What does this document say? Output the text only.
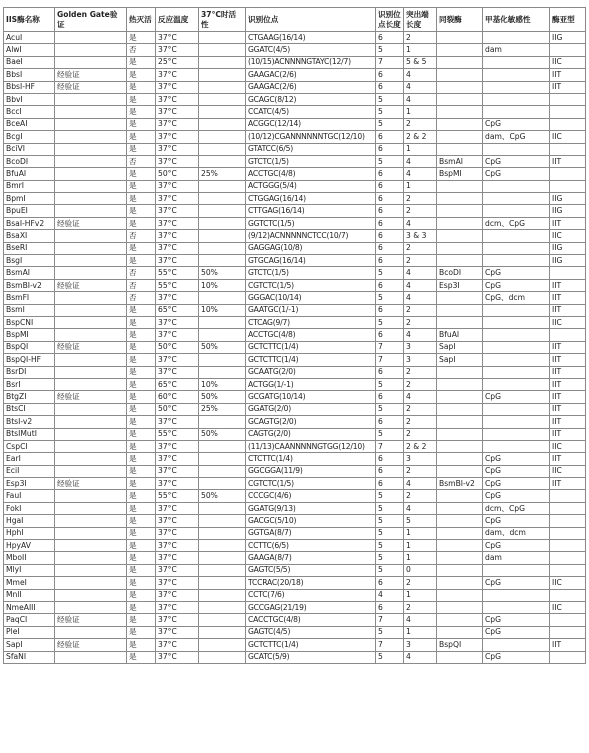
IIS酶名称	Golden Gate验证	热灭活	反应温度	37°C时活性	识别位点	识别位点长度	突出端长度	同裂酶	甲基化敏感性	酶亚型
AcuI		是	37°C		CTGAAG(16/14)	6	2			IIG
AlwI		否	37°C		GGATC(4/5)	5	1		dam	
BaeI		是	25°C		(10/15)ACNNNNGTAYC(12/7)	7	5 & 5			IIC
BbsI	经验证	是	37°C		GAAGAC(2/6)	6	4			IIT
BbsI-HF	经验证	是	37°C		GAAGAC(2/6)	6	4			IIT
BbvI		是	37°C		GCAGC(8/12)	5	4			
BccI		是	37°C		CCATC(4/5)	5	1			
BceAI		是	37°C		ACGGC(12/14)	5	2		CpG	
BcgI		是	37°C		(10/12)CGANNNNNNTGC(12/10)	6	2 & 2		dam、CpG	IIC
BciVI		是	37°C		GTATCC(6/5)	6	1			
BcoDI		否	37°C		GTCTC(1/5)	5	4	BsmAI	CpG	IIT
BfuAI		是	50°C	25%	ACCTGC(4/8)	6	4	BspMI	CpG	
BmrI		是	37°C		ACTGGG(5/4)	6	1			
BpmI		是	37°C		CTGGAG(16/14)	6	2			IIG
BpuEI		是	37°C		CTTGAG(16/14)	6	2			IIG
BsaI-HFv2	经验证	是	37°C		GGTCTC(1/5)	6	4		dcm、CpG	IIT
BsaXI		否	37°C		(9/12)ACNNNNNCTCC(10/7)	6	3 & 3			IIC
BseRI		是	37°C		GAGGAG(10/8)	6	2			IIG
BsgI		是	37°C		GTGCAG(16/14)	6	2			IIG
BsmAI		否	55°C	50%	GTCTC(1/5)	5	4	BcoDI	CpG	
BsmBI-v2	经验证	否	55°C	10%	CGTCTC(1/5)	6	4	Esp3I	CpG	IIT
BsmFI		否	37°C		GGGAC(10/14)	5	4		CpG、dcm	IIT
BsmI		是	65°C	10%	GAATGC(1/-1)	6	2			IIT
BspCNI		是	37°C		CTCAG(9/7)	5	2			IIC
BspMI		是	37°C		ACCTGC(4/8)	6	4	BfuAI		
BspQI	经验证	是	50°C	50%	GCTCTTC(1/4)	7	3	SapI		IIT
BspQI-HF		是	37°C		GCTCTTC(1/4)	7	3	SapI		IIT
BsrDI		是	37°C		GCAATG(2/0)	6	2			IIT
BsrI		是	65°C	10%	ACTGG(1/-1)	5	2			IIT
BtgZI	经验证	是	60°C	50%	GCGATG(10/14)	6	4		CpG	IIT
BtsCI		是	50°C	25%	GGATG(2/0)	5	2			IIT
BtsI-v2		是	37°C		GCAGTG(2/0)	6	2			IIT
BtsIMutI		是	55°C	50%	CAGTG(2/0)	5	2			IIT
CspCI		是	37°C		(11/13)CAANNNNNGTGG(12/10)	7	2 & 2			IIC
EarI		是	37°C		CTCTTC(1/4)	6	3		CpG	IIT
EciI		是	37°C		GGCGGA(11/9)	6	2		CpG	IIC
Esp3I	经验证	是	37°C		CGTCTC(1/5)	6	4	BsmBI-v2	CpG	IIT
FauI		是	55°C	50%	CCCGC(4/6)	5	2		CpG	
FokI		是	37°C		GGATG(9/13)	5	4		dcm、CpG	
HgaI		是	37°C		GACGC(5/10)	5	5		CpG	
HphI		是	37°C		GGTGA(8/7)	5	1		dam、dcm	
HpyAV		是	37°C		CCTTC(6/5)	5	1		CpG	
MboII		是	37°C		GAAGA(8/7)	5	1		dam	
MlyI		是	37°C		GAGTC(5/5)	5	0			
MmeI		是	37°C		TCCRAC(20/18)	6	2		CpG	IIC
MnlI		是	37°C		CCTC(7/6)	4	1			
NmeAIII		是	37°C		GCCGAG(21/19)	6	2			IIC
PaqCI	经验证	是	37°C		CACCTGC(4/8)	7	4		CpG	
PleI		是	37°C		GAGTC(4/5)	5	1		CpG	
SapI	经验证	是	37°C		GCTCTTC(1/4)	7	3	BspQI		IIT
SfaNI		是	37°C		GCATC(5/9)	5	4		CpG	
